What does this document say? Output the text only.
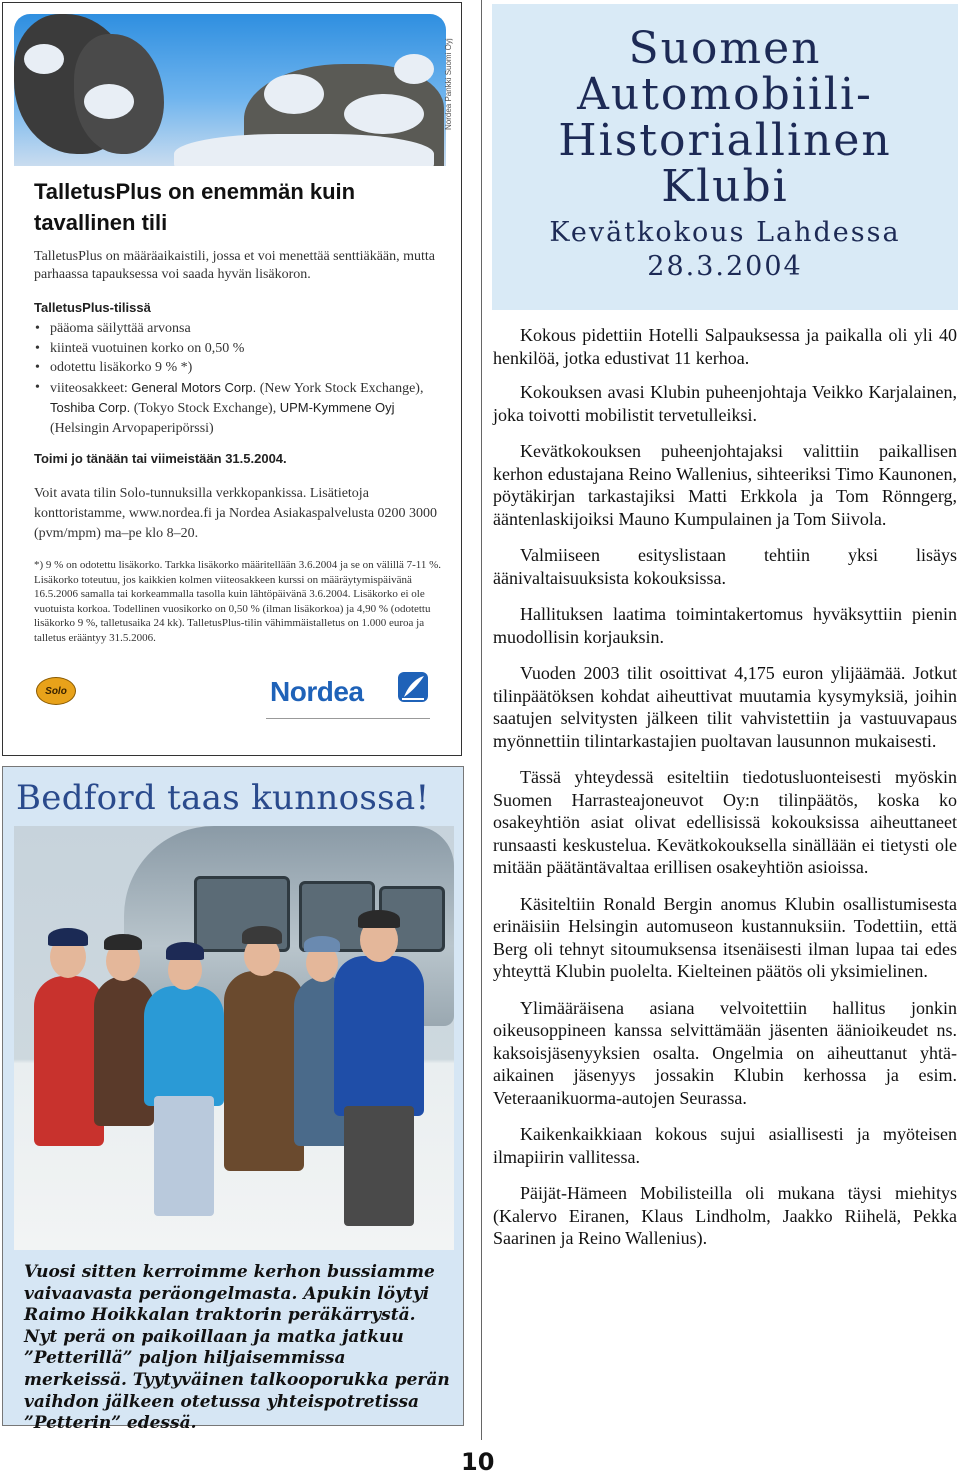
Nordea Pankki Suomi Oyj
TalletusPlus on enemmän kuin tavallinen tili
TalletusPlus on määräaikaistili, jossa et voi menettää senttiäkään, mutta parhaassa tapauksessa voi saada hyvän lisäkoron.
TalletusPlus-tilissä
• pääoma säilyttää arvonsa
• kiinteä vuotuinen korko on 0,50 %
• odotettu lisäkorko 9 % *)
• viiteosakkeet: General Motors Corp. (New York Stock Exchange), Toshiba Corp. (Tokyo Stock Exchange), UPM-Kymmene Oyj (Helsingin Arvopaperipörssi)
Toimi jo tänään tai viimeistään 31.5.2004.
Voit avata tilin Solo-tunnuksilla verkkopankissa. Lisätietoja konttoristamme, www.nordea.fi ja Nordea Asiakaspalvelusta 0200 3000 (pvm/mpm) ma–pe klo 8–20.
*) 9 % on odotettu lisäkorko. Tarkka lisäkorko määritellään 3.6.2004 ja se on välillä 7-11 %. Lisäkorko toteutuu, jos kaikkien kolmen viiteosakkeen kurssi on määräytymispäivänä 16.5.2006 samalla tai korkeammalla tasolla kuin lähtöpäivänä 3.6.2004. Lisäkorko ei ole vuotuista korkoa. Todellinen vuosikorko on 0,50 % (ilman lisäkorkoa) ja 4,90 % (odotettu lisäkorko 9 %, talletusaika 24 kk). TalletusPlus-tilin vähimmäistalletus on 1.000 euroa ja talletus erääntyy 31.5.2006.
Solo	Nordea
Bedford taas kunnossa!
Vuosi sitten kerroimme kerhon bussiamme vaivaavasta peräongelmasta. Apukin löytyi Raimo Hoikkalan traktorin peräkärrystä. Nyt perä on paikoillaan ja matka jatkuu ”Petterillä” paljon hiljaisemmissa merkeissä. Tyytyväinen talkooporukka perän vaihdon jälkeen otetussa yhteispotretissa ”Petterin” edessä.
Suomen
Automobiili-
Historiallinen
Klubi
Kevätkokous Lahdessa
28.3.2004

Kokous pidettiin Hotelli Salpauksessa ja paikalla oli yli 40 henkilöä, jotka edustivat 11 kerhoa.

Kokouksen avasi Klubin puheenjohtaja Veikko Karjalainen, joka toivotti mobilistit tervetulleiksi.

Kevätkokouksen puheenjohtajaksi valittiin paikallisen kerhon edustajana Reino Wallenius, sihteeriksi Timo Kaunonen, pöytäkirjan tarkastajiksi Matti Erkkola ja Tom Rönngerg, ääntenlaskijoiksi Mauno Kumpulainen ja Tom Siivola.

Valmiiseen esityslistaan tehtiin yksi lisäys äänivaltaisuuksista kokouksissa.

Hallituksen laatima toimintakertomus hyväksyttiin pienin muodollisin korjauksin.

Vuoden 2003 tilit osoittivat 4,175 euron ylijäämää. Jotkut tilinpäätöksen kohdat aiheuttivat muutamia kysymyksiä, joihin saatujen selvitysten jälkeen tilit vahvistettiin ja vastuuvapaus myönnettiin tilintarkastajien puoltavan lausunnon mukaisesti.

Tässä yhteydessä esiteltiin tiedotusluonteisesti myöskin Suomen Harrasteajoneuvot Oy:n tilinpäätös, koska ko osakeyhtiön asiat olivat edellisissä kokouksissa aiheuttaneet runsaasti keskustelua. Kevätkokouksella sinällään ei tietysti ole mitään päätäntävaltaa erillisen osakeyhtiön asioissa.

Käsiteltiin Ronald Bergin anomus Klubin osallistumisesta erinäisiin Helsingin automuseon kustannuksiin. Todettiin, että Berg oli tehnyt sitoumuksensa itsenäisesti ilman lupaa tai edes yhteyttä Klubin puolelta. Kielteinen päätös oli yksimielinen.

Ylimääräisena asiana velvoitettiin hallitus jonkin oikeusoppineen kanssa selvittämään jäsenten äänioikeudet ns. kaksoisjäsenyyksien osalta. Ongelmia on aiheuttanut yhtä-aikainen jäsenyys jossakin Klubin kerhossa ja esim. Veteraanikuorma-autojen Seurassa.

Kaikenkaikkiaan kokous sujui asiallisesti ja myöteisen ilmapiirin vallitessa.

Päijät-Hämeen Mobilisteilla oli mukana täysi miehitys (Kalervo Eiranen, Klaus Lindholm, Jaakko Riihelä, Pekka Saarinen ja Reino Wallenius).

10
